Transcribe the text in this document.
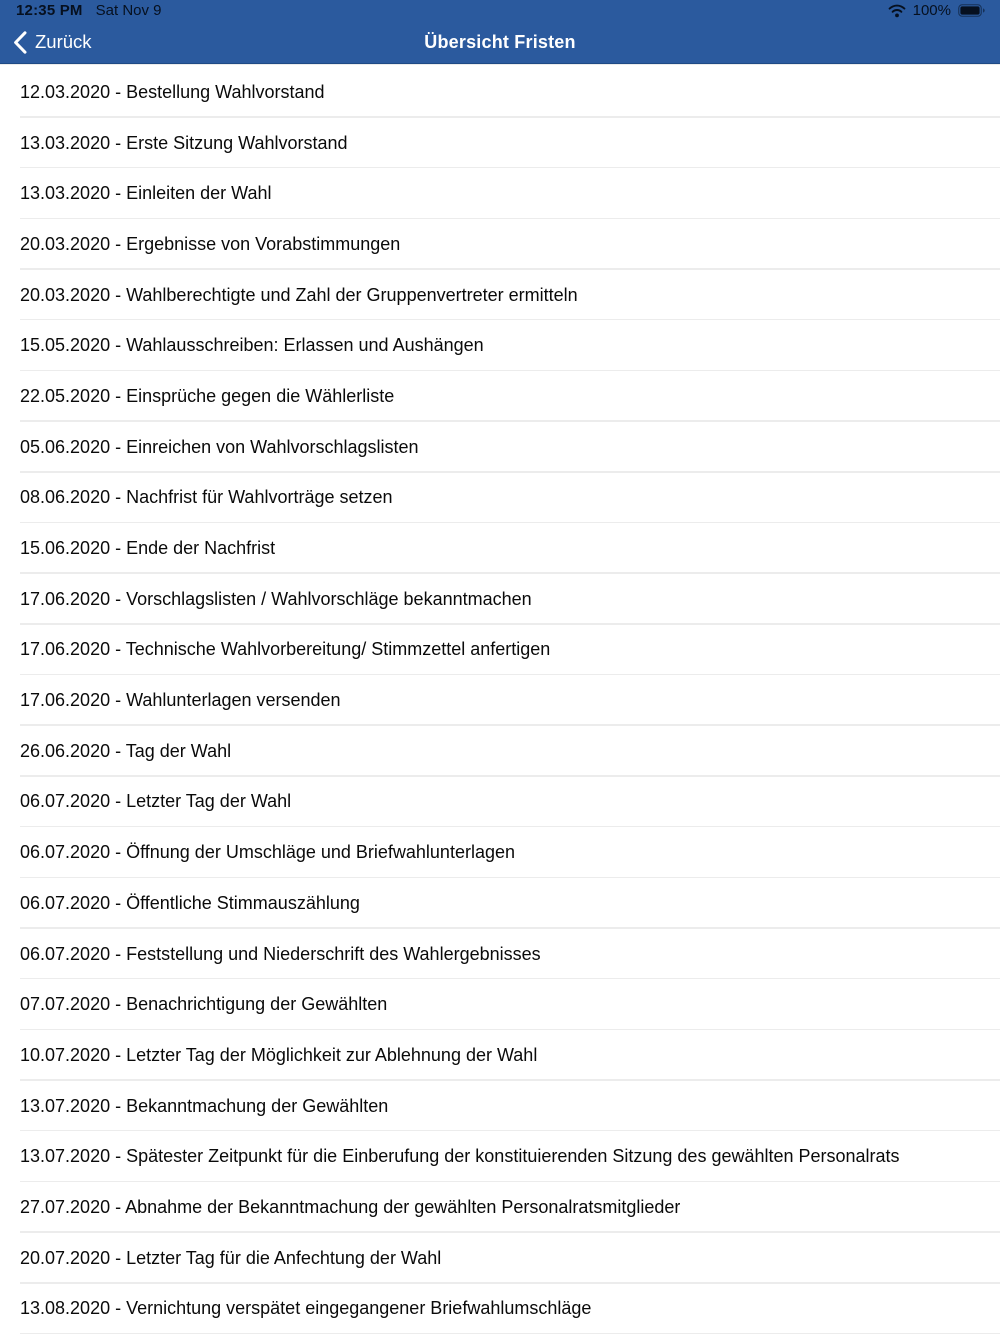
12:35 PM Sat Nov 9	100%
Zurück	Übersicht Fristen
12.03.2020 - Bestellung Wahlvorstand
13.03.2020 - Erste Sitzung Wahlvorstand
13.03.2020 - Einleiten der Wahl
20.03.2020 - Ergebnisse von Vorabstimmungen
20.03.2020 - Wahlberechtigte und Zahl der Gruppenvertreter ermitteln
15.05.2020 - Wahlausschreiben: Erlassen und Aushängen
22.05.2020 - Einsprüche gegen die Wählerliste
05.06.2020 - Einreichen von Wahlvorschlagslisten
08.06.2020 - Nachfrist für Wahlvorträge setzen
15.06.2020 - Ende der Nachfrist
17.06.2020 - Vorschlagslisten / Wahlvorschläge bekanntmachen
17.06.2020 - Technische Wahlvorbereitung/ Stimmzettel anfertigen
17.06.2020 - Wahlunterlagen versenden
26.06.2020 - Tag der Wahl
06.07.2020 - Letzter Tag der Wahl
06.07.2020 - Öffnung der Umschläge und Briefwahlunterlagen
06.07.2020 - Öffentliche Stimmauszählung
06.07.2020 - Feststellung und Niederschrift des Wahlergebnisses
07.07.2020 - Benachrichtigung der Gewählten
10.07.2020 - Letzter Tag der Möglichkeit zur Ablehnung der Wahl
13.07.2020 - Bekanntmachung der Gewählten
13.07.2020 - Spätester Zeitpunkt für die Einberufung der konstituierenden Sitzung des gewählten Personalrats
27.07.2020 - Abnahme der Bekanntmachung der gewählten Personalratsmitglieder
20.07.2020 - Letzter Tag für die Anfechtung der Wahl
13.08.2020 - Vernichtung verspätet eingegangener Briefwahlumschläge
